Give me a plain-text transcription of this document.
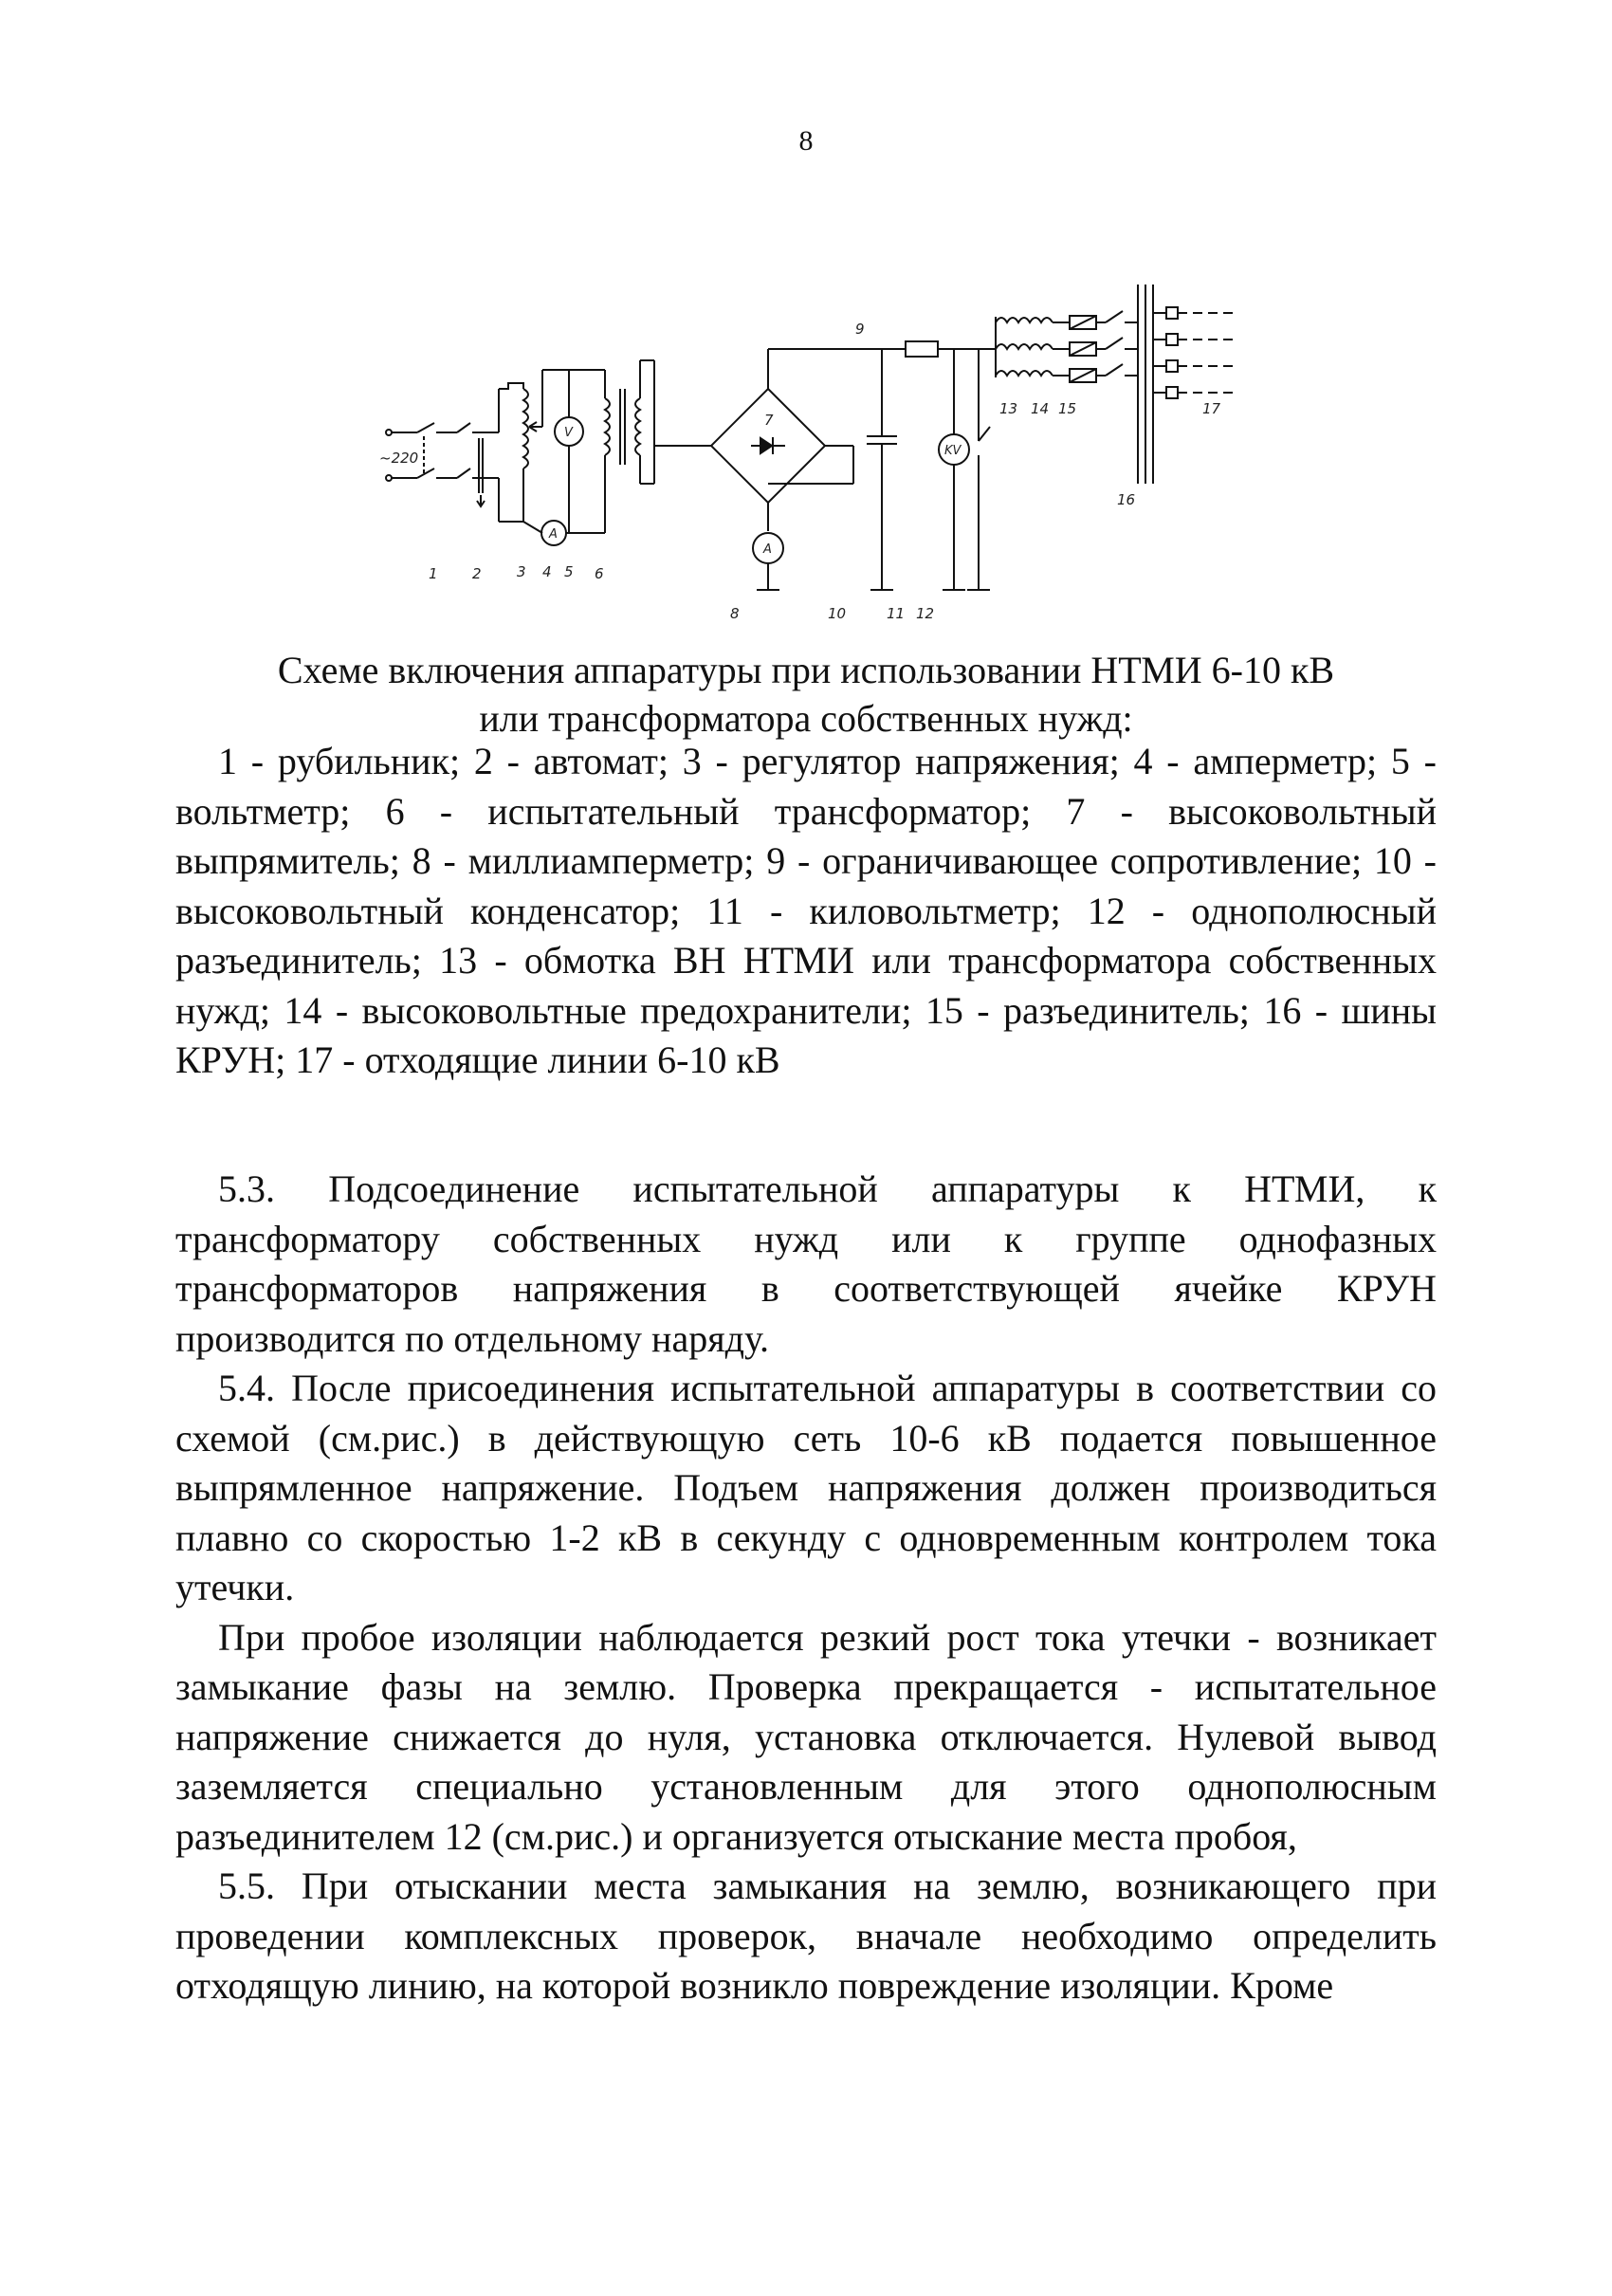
8
V
A
A
KV
~220
1 2 3 4 5 6
7
8
9
10	11 12
13 14 15
16
17
Схеме включения аппаратуры при использовании НТМИ 6-10 кВ
или трансформатора собственных нужд:
1 - рубильник; 2 - автомат; 3 - регулятор напряжения; 4 - амперметр; 5 - вольтметр; 6 - испытательный трансформатор; 7 - высоковольтный выпрямитель; 8 - миллиамперметр; 9 - ограничивающее сопротивление; 10 - высоковольтный конденсатор; 11 - киловольтметр; 12 - однополюсный разъединитель; 13 - обмотка ВН НТМИ или трансформатора собственных нужд; 14 - высоковольтные предохранители; 15 - разъединитель; 16 - шины КРУН; 17 - отходящие линии 6-10 кВ

5.3. Подсоединение испытательной аппаратуры к НТМИ, к трансформатору собственных нужд или к группе однофазных трансформаторов напряжения в соответствующей ячейке КРУН производится по отдельному наряду.

5.4. После присоединения испытательной аппаратуры в соответствии со схемой (см.рис.) в действующую сеть 10-6 кВ подается повышенное выпрямленное напряжение. Подъем напряжения должен производиться плавно со скоростью 1-2 кВ в секунду с одновременным контролем тока утечки.

При пробое изоляции наблюдается резкий рост тока утечки - возникает замыкание фазы на землю. Проверка прекращается - испытательное напряжение снижается до нуля, установка отключается. Нулевой вывод заземляется специально установленным для этого однополюсным разъединителем 12 (см.рис.) и организуется отыскание места пробоя,

5.5. При отыскании места замыкания на землю, возникающего при проведении комплексных проверок, вначале необходимо определить отходящую линию, на которой возникло повреждение изоляции. Кроме
